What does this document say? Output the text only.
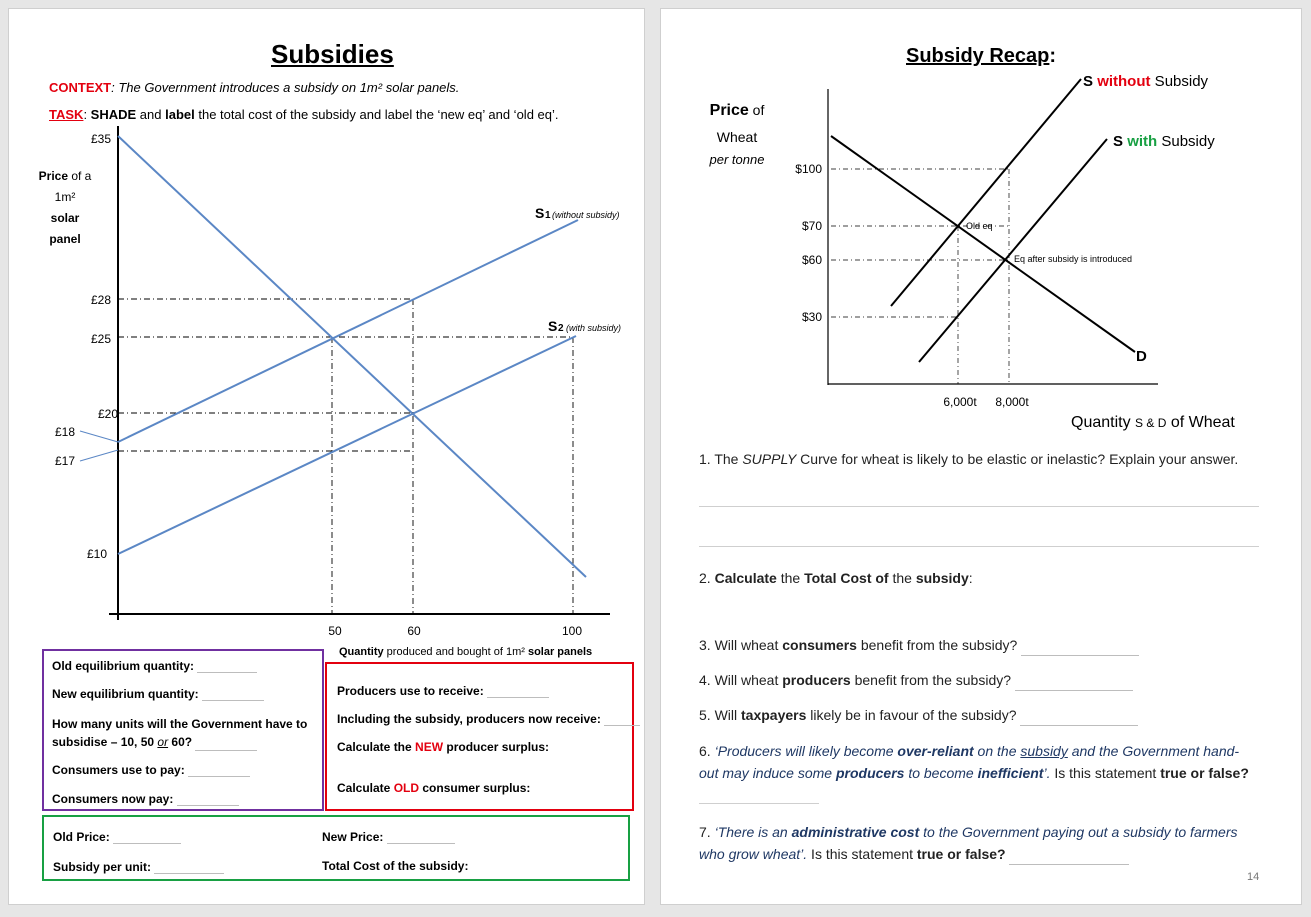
Subsidies
CONTEXT: The Government introduces a subsidy on 1m² solar panels.
TASK: SHADE and label the total cost of the subsidy and label the ‘new eq’ and ‘old eq’.
Price of a
1m²
solar
panel
£35
£28
£25
£20
£18
£17
£10
50	60	100
S 1 (without subsidy)
S 2 (with subsidy)
Quantity produced and bought of 1m² solar panels
Old equilibrium quantity:
New equilibrium quantity:
How many units will the Government have to
subsidise – 10, 50 or 60?
Consumers use to pay:
Consumers now pay:
Producers use to receive:
Including the subsidy, producers now receive:
Calculate the NEW producer surplus:
Calculate OLD consumer surplus:
Old Price:	New Price:
Subsidy per unit:	Total Cost of the subsidy:
Subsidy Recap:
Price of
Wheat
per tonne
$100
$70
$60
$30
6,000t 8,000t
Old eq
Eq after subsidy is introduced
S without Subsidy
S with Subsidy
D
Quantity S & D of Wheat
1. The SUPPLY Curve for wheat is likely to be elastic or inelastic? Explain your answer.
2. Calculate the Total Cost of the subsidy:
3. Will wheat consumers benefit from the subsidy?
4. Will wheat producers benefit from the subsidy?
5. Will taxpayers likely be in favour of the subsidy?
6. ‘Producers will likely become over-reliant on the subsidy and the Government hand-
out may induce some producers to become inefficient’. Is this statement true or false?
7. ‘There is an administrative cost to the Government paying out a subsidy to farmers
who grow wheat’. Is this statement true or false?
14
